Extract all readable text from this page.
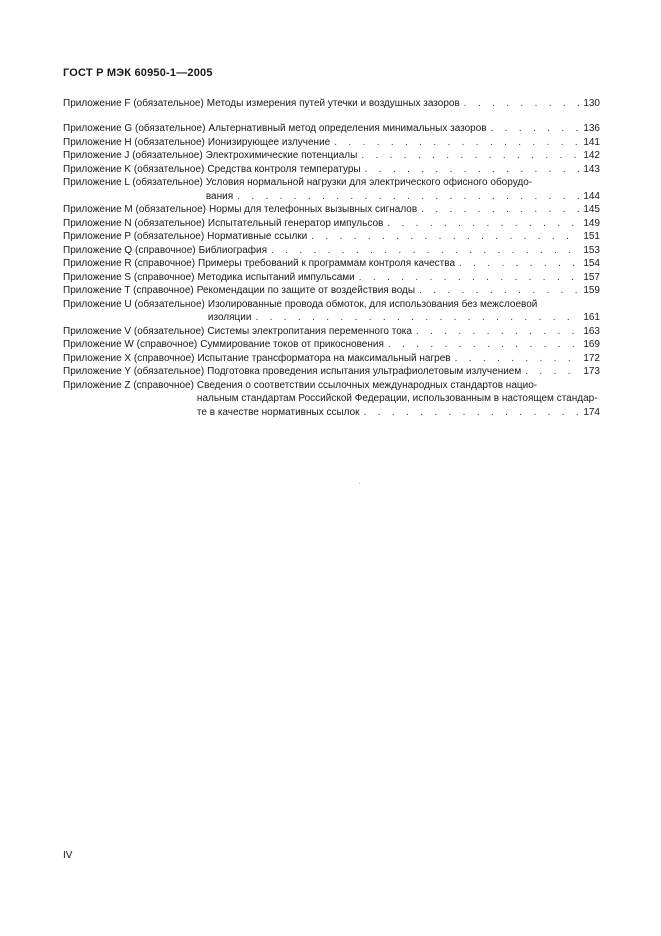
ГОСТ Р МЭК 60950-1—2005
Приложение F (обязательное) Методы измерения путей утечки и воздушных зазоров . . .	130
Приложение G (обязательное) Альтернативный метод определения минимальных зазоров . . .	136
Приложение H (обязательное) Ионизирующее излучение . . .	141
Приложение J (обязательное) Электрохимические потенциалы . . .	142
Приложение K (обязательное) Средства контроля температуры . . .	143
Приложение L (обязательное) Условия нормальной нагрузки для электрического офисного оборудо-
вания . . .	144
Приложение M (обязательное) Нормы для телефонных вызывных сигналов . . .	145
Приложение N (обязательное) Испытательный генератор импульсов . . .	149
Приложение P (обязательное) Нормативные ссылки . . .	151
Приложение Q (справочное) Библиография . . .	153
Приложение R (справочное) Примеры требований к программам контроля качества . . .	154
Приложение S (справочное) Методика испытаний импульсами . . .	157
Приложение T (справочное) Рекомендации по защите от воздействия воды . . .	159
Приложение U (обязательное) Изолированные провода обмоток, для использования без межслоевой
изоляции . . .	161
Приложение V (обязательное) Системы электропитания переменного тока . . .	163
Приложение W (справочное) Суммирование токов от прикосновения . . .	169
Приложение X (справочное) Испытание трансформатора на максимальный нагрев . . .	172
Приложение Y (обязательное) Подготовка проведения испытания ультрафиолетовым излучением . . .	173
Приложение Z (справочное) Сведения о соответствии ссылочных международных стандартов нацио-
нальным стандартам Российской Федерации, использованным в настоящем стандар-
те в качестве нормативных ссылок . . .	174
IV
